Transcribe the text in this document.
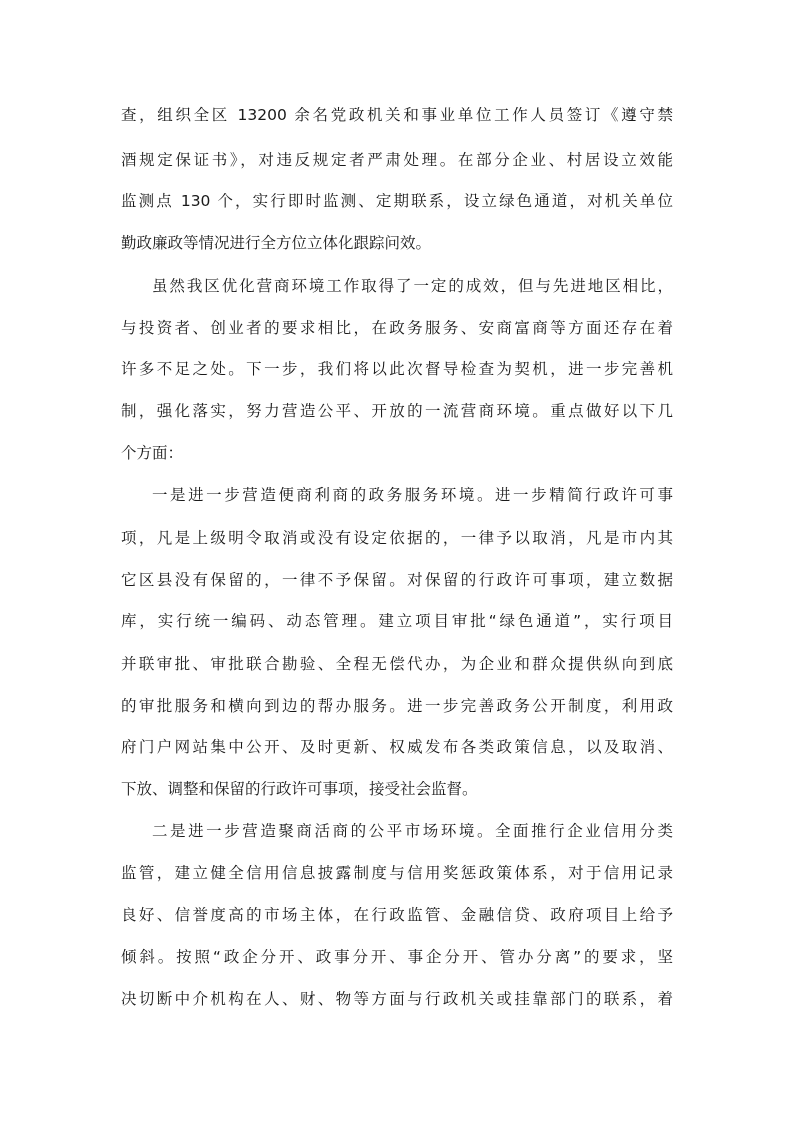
查，组织全区 13200 余名党政机关和事业单位工作人员签订《遵守禁
酒规定保证书》，对违反规定者严肃处理。在部分企业、村居设立效能
监测点 130 个，实行即时监测、定期联系，设立绿色通道，对机关单位
勤政廉政等情况进行全方位立体化跟踪问效。
虽然我区优化营商环境工作取得了一定的成效，但与先进地区相比，
与投资者、创业者的要求相比，在政务服务、安商富商等方面还存在着
许多不足之处。下一步，我们将以此次督导检查为契机，进一步完善机
制，强化落实，努力营造公平、开放的一流营商环境。重点做好以下几
个方面：
一是进一步营造便商利商的政务服务环境。进一步精简行政许可事
项，凡是上级明令取消或没有设定依据的，一律予以取消，凡是市内其
它区县没有保留的，一律不予保留。对保留的行政许可事项，建立数据
库，实行统一编码、动态管理。建立项目审批“绿色通道”，实行项目
并联审批、审批联合勘验、全程无偿代办，为企业和群众提供纵向到底
的审批服务和横向到边的帮办服务。进一步完善政务公开制度，利用政
府门户网站集中公开、及时更新、权威发布各类政策信息，以及取消、
下放、调整和保留的行政许可事项，接受社会监督。
二是进一步营造聚商活商的公平市场环境。全面推行企业信用分类
监管，建立健全信用信息披露制度与信用奖惩政策体系，对于信用记录
良好、信誉度高的市场主体，在行政监管、金融信贷、政府项目上给予
倾斜。按照“政企分开、政事分开、事企分开、管办分离”的要求，坚
决切断中介机构在人、财、物等方面与行政机关或挂靠部门的联系，着
